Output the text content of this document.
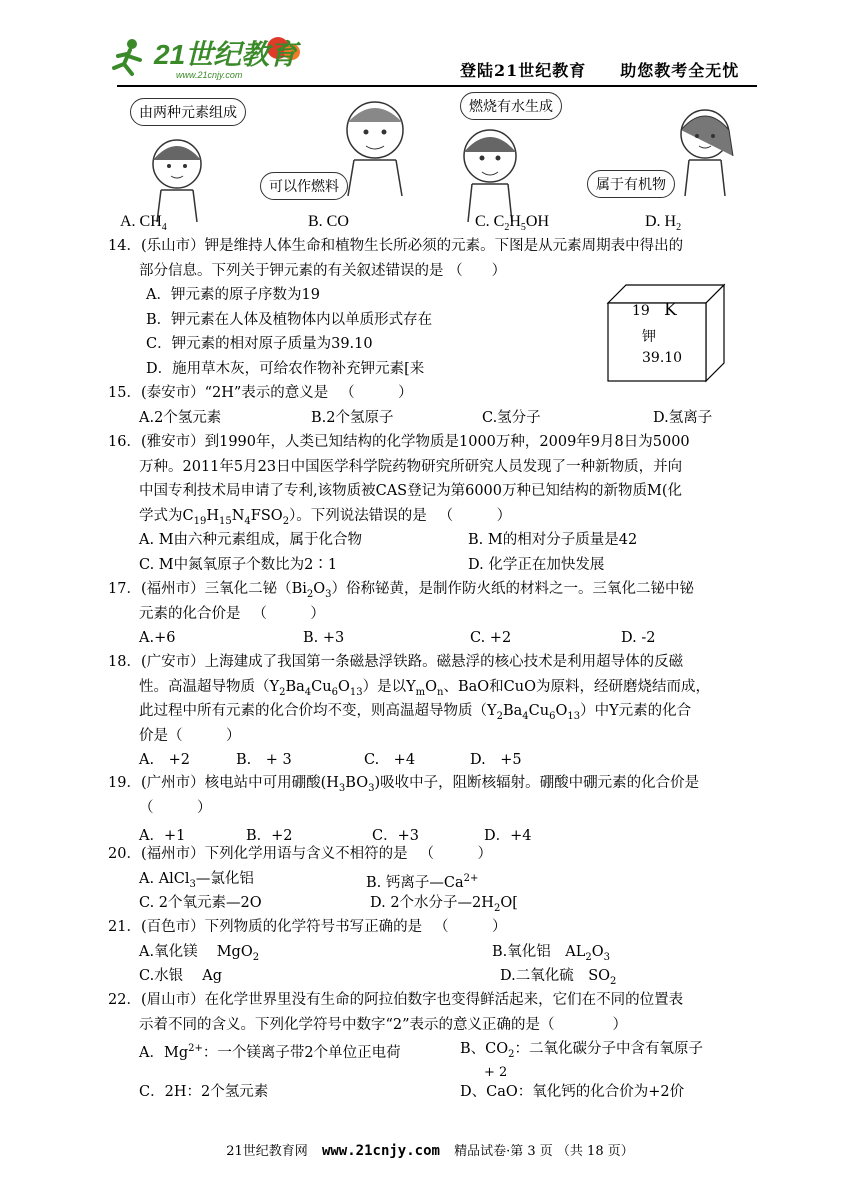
21世纪教育
www.21cnjy.com	登陆21世纪教育 助您教考全无忧
由两种元素组成
可以作燃料
燃烧有水生成
属于有机物
A. $CH_4$	B. CO	C. $C_2H_5OH$	D. $H_2$
14．(乐山市）钾是维持人体生命和植物生长所必须的元素。下图是从元素周期表中得出的
部分信息。下列关于钾元素的有关叙述错误的是 （　　）
A．钾元素的原子序数为19
B．钾元素在人体及植物体内以单质形式存在
C．钾元素的相对原子质量为39.10
D．施用草木灰，可给农作物补充钾元素[来
19 K
钾
39.10
15．(泰安市）“2H”表示的意义是 　（　　　）
A.2个氢元素	B.2个氢原子	C.氢分子	D.氢离子
16．(雅安市）到1990年，人类已知结构的化学物质是1000万种，2009年9月8日为5000
万种。2011年5月23日中国医学科学院药物研究所研究人员发现了一种新物质，并向
中国专利技术局申请了专利,该物质被CAS登记为第6000万种已知结构的新物质M(化
学式为$C_{19}H_{15}N_4FSO_2$）。下列说法错误的是 　（　　　）
A. M由六种元素组成，属于化合物	B. M的相对分子质量是42
C. M中氮氧原子个数比为2∶1	D. 化学正在加快发展
17．(福州市）三氧化二铋$(Bi_2O_3)$俗称铋黄，是制作防火纸的材料之一。三氧化二铋中铋
元素的化合价是 　（　　　）
A.+6	B. +3	C. +2	D. -2
18．(广安市）上海建成了我国第一条磁悬浮铁路。磁悬浮的核心技术是利用超导体的反磁
性。高温超导物质$(Y_2Ba_4Cu_6O_{13})$是以$Y_mO_n$、BaO和CuO为原料，经研磨烧结而成，
此过程中所有元素的化合价均不变，则高温超导物质$(Y_2Ba_4Cu_6O_{13})$中Y元素的化合
价是（　　　）
A.　+2	B.　+ 3	C.　+4	D.　+5
19．(广州市）核电站中可用硼酸$(H_3BO_3)$吸收中子，阻断核辐射。硼酸中硼元素的化合价是
（　　　）
A．+1	B．+2	C．+3	D．+4
20．(福州市）下列化学用语与含义不相符的是 　（　　　）
A. AlCl$_3$—氯化铝	B. 钙离子$—Ca^{2+}$
C. 2个氧元素—2O	D. 2个水分子$—2H_2O$[
21．(百色市）下列物质的化学符号书写正确的是 　（　　　）
A.氧化镁　 MgO$_2$	B.氧化铝　$AL_2O_3$
C.水银　 Ag	D.二氧化硫　$SO_2$
22．(眉山市）在化学世界里没有生命的阿拉伯数字也变得鲜活起来，它们在不同的位置表
示着不同的含义。下列化学符号中数字“2”表示的意义正确的是（　　　　）
A．$Mg^{2+}$：一个镁离子带2个单位正电荷	B、$CO_2$：二氧化碳分子中含有氧原子
+ 2
C．2H：2个氢元素	D、CaO：氧化钙的化合价为+2价
21世纪教育网 www.21cnjy.com 精品试卷·第 3 页 （共 18 页）
